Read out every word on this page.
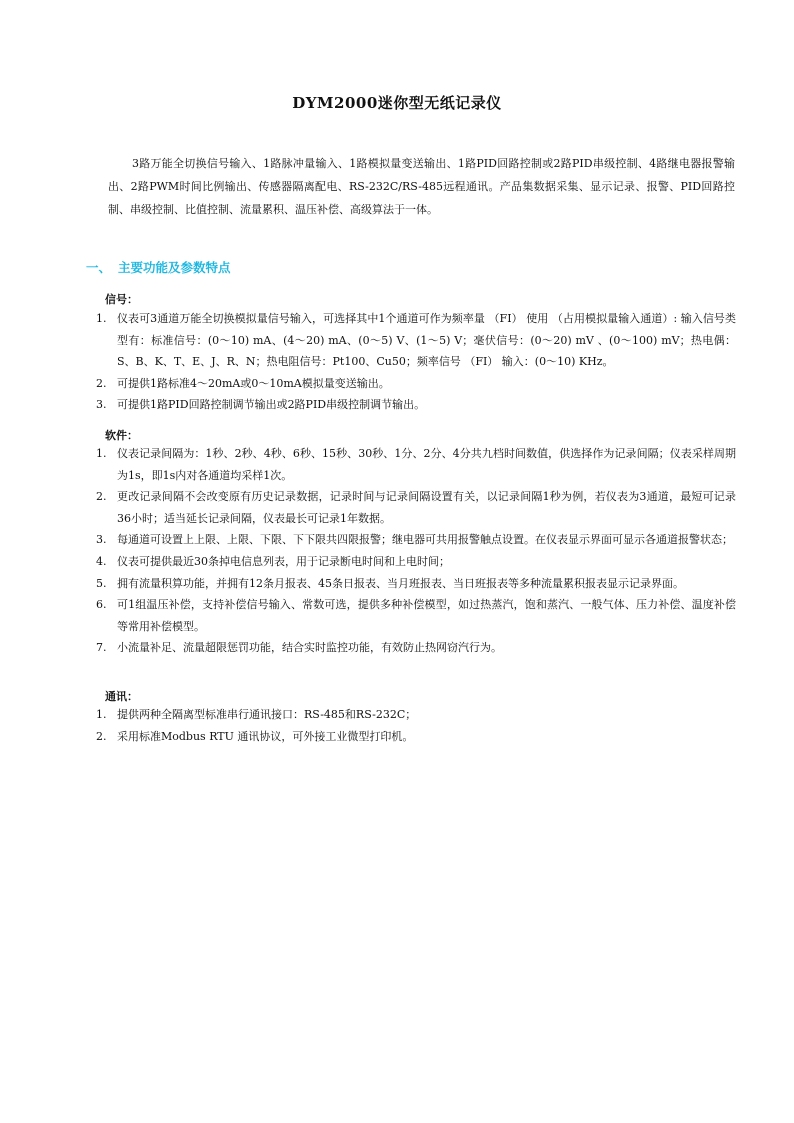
DYM2000迷你型无纸记录仪

3路万能全切换信号输入、1路脉冲量输入、1路模拟量变送输出、1路PID回路控制或2路PID串级控制、4路继电器报警输出、2路PWM时间比例输出、传感器隔离配电、RS-232C/RS-485远程通讯。产品集数据采集、显示记录、报警、PID回路控制、串级控制、比值控制、流量累积、温压补偿、高级算法于一体。

一、 主要功能及参数特点
信号：
1. 仪表可3通道万能全切换模拟量信号输入，可选择其中1个通道可作为频率量 （FI） 使用 （占用模拟量输入通道）: 输入信号类型有：标准信号：(0～10) mA、(4～20) mA、(0～5) V、(1～5) V；毫伏信号：(0～20) mV 、(0～100) mV；热电偶：S、B、K、T、E、J、R、N；热电阻信号：Pt100、Cu50；频率信号 （FI） 输入：(0～10) KHz。
2. 可提供1路标准4～20mA或0～10mA模拟量变送输出。
3. 可提供1路PID回路控制调节输出或2路PID串级控制调节输出。
软件：
1. 仪表记录间隔为：1秒、2秒、4秒、6秒、15秒、30秒、1分、2分、4分共九档时间数值，供选择作为记录间隔；仪表采样周期为1s，即1s内对各通道均采样1次。
2. 更改记录间隔不会改变原有历史记录数据，记录时间与记录间隔设置有关，以记录间隔1秒为例，若仪表为3通道，最短可记录36小时；适当延长记录间隔，仪表最长可记录1年数据。
3. 每通道可设置上上限、上限、下限、下下限共四限报警；继电器可共用报警触点设置。在仪表显示界面可显示各通道报警状态；
4. 仪表可提供最近30条掉电信息列表，用于记录断电时间和上电时间；
5. 拥有流量积算功能，并拥有12条月报表、45条日报表、当月班报表、当日班报表等多种流量累积报表显示记录界面。
6. 可1组温压补偿，支持补偿信号输入、常数可选，提供多种补偿模型，如过热蒸汽，饱和蒸汽、一般气体、压力补偿、温度补偿等常用补偿模型。
7. 小流量补足、流量超限惩罚功能，结合实时监控功能，有效防止热网窃汽行为。
通讯：
1. 提供两种全隔离型标准串行通讯接口：RS-485和RS-232C；
2. 采用标准Modbus RTU 通讯协议，可外接工业微型打印机。
